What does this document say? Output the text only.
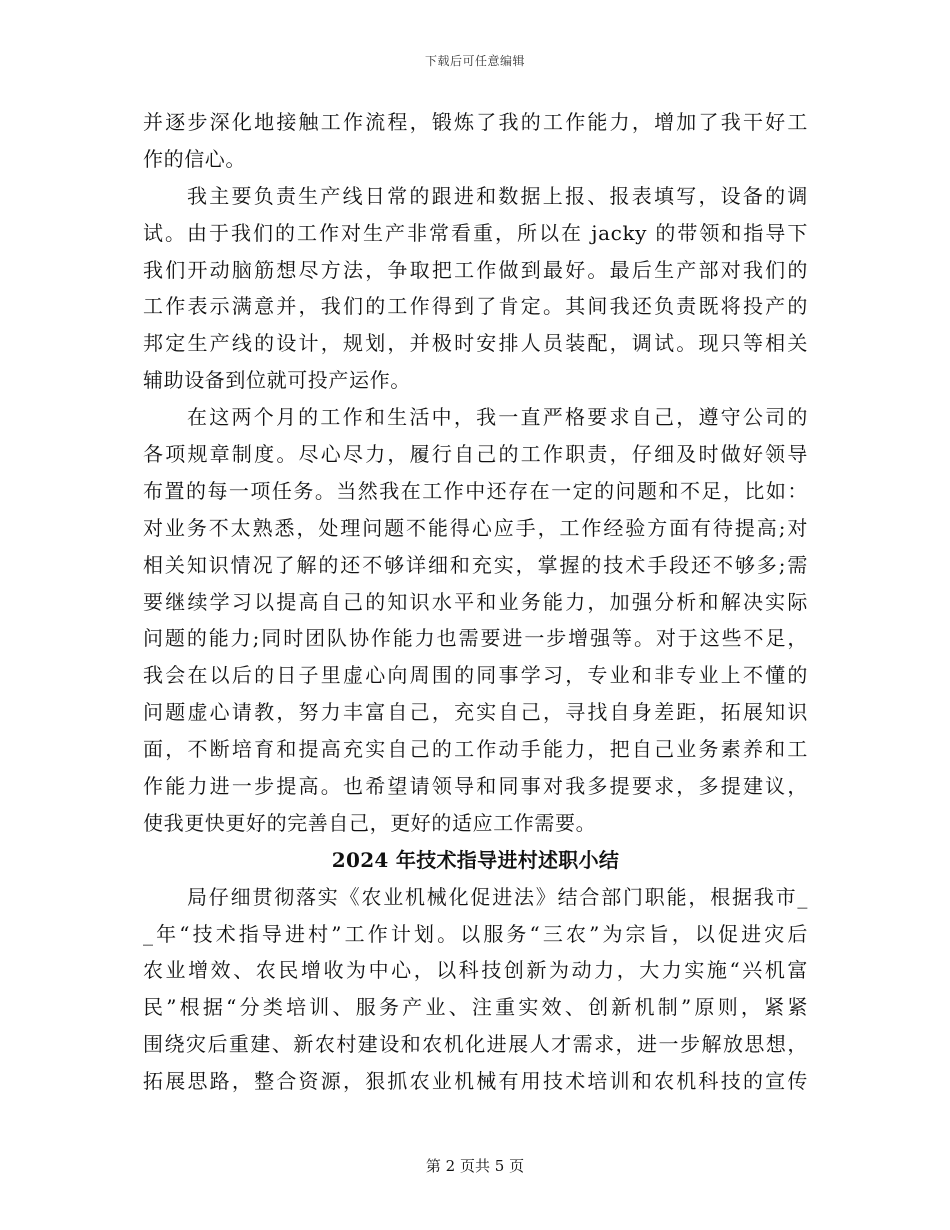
下载后可任意编辑
并逐步深化地接触工作流程，锻炼了我的工作能力，增加了我干好工
作的信心。
我主要负责生产线日常的跟进和数据上报、报表填写，设备的调
试。由于我们的工作对生产非常看重，所以在 jacky 的带领和指导下
我们开动脑筋想尽方法，争取把工作做到最好。最后生产部对我们的
工作表示满意并，我们的工作得到了肯定。其间我还负责既将投产的
邦定生产线的设计，规划，并极时安排人员装配，调试。现只等相关
辅助设备到位就可投产运作。
在这两个月的工作和生活中，我一直严格要求自己，遵守公司的
各项规章制度。尽心尽力，履行自己的工作职责，仔细及时做好领导
布置的每一项任务。当然我在工作中还存在一定的问题和不足，比如：
对业务不太熟悉，处理问题不能得心应手，工作经验方面有待提高;对
相关知识情况了解的还不够详细和充实，掌握的技术手段还不够多;需
要继续学习以提高自己的知识水平和业务能力，加强分析和解决实际
问题的能力;同时团队协作能力也需要进一步增强等。对于这些不足，
我会在以后的日子里虚心向周围的同事学习，专业和非专业上不懂的
问题虚心请教，努力丰富自己，充实自己，寻找自身差距，拓展知识
面，不断培育和提高充实自己的工作动手能力，把自己业务素养和工
作能力进一步提高。也希望请领导和同事对我多提要求，多提建议，
使我更快更好的完善自己，更好的适应工作需要。
2024 年技术指导进村述职小结
局仔细贯彻落实《农业机械化促进法》结合部门职能，根据我市_
_年“技术指导进村”工作计划。以服务“三农”为宗旨，以促进灾后
农业增效、农民增收为中心，以科技创新为动力，大力实施“兴机富
民”根据“分类培训、服务产业、注重实效、创新机制”原则，紧紧
围绕灾后重建、新农村建设和农机化进展人才需求，进一步解放思想，
拓展思路，整合资源，狠抓农业机械有用技术培训和农机科技的宣传
第 2 页共 5 页
